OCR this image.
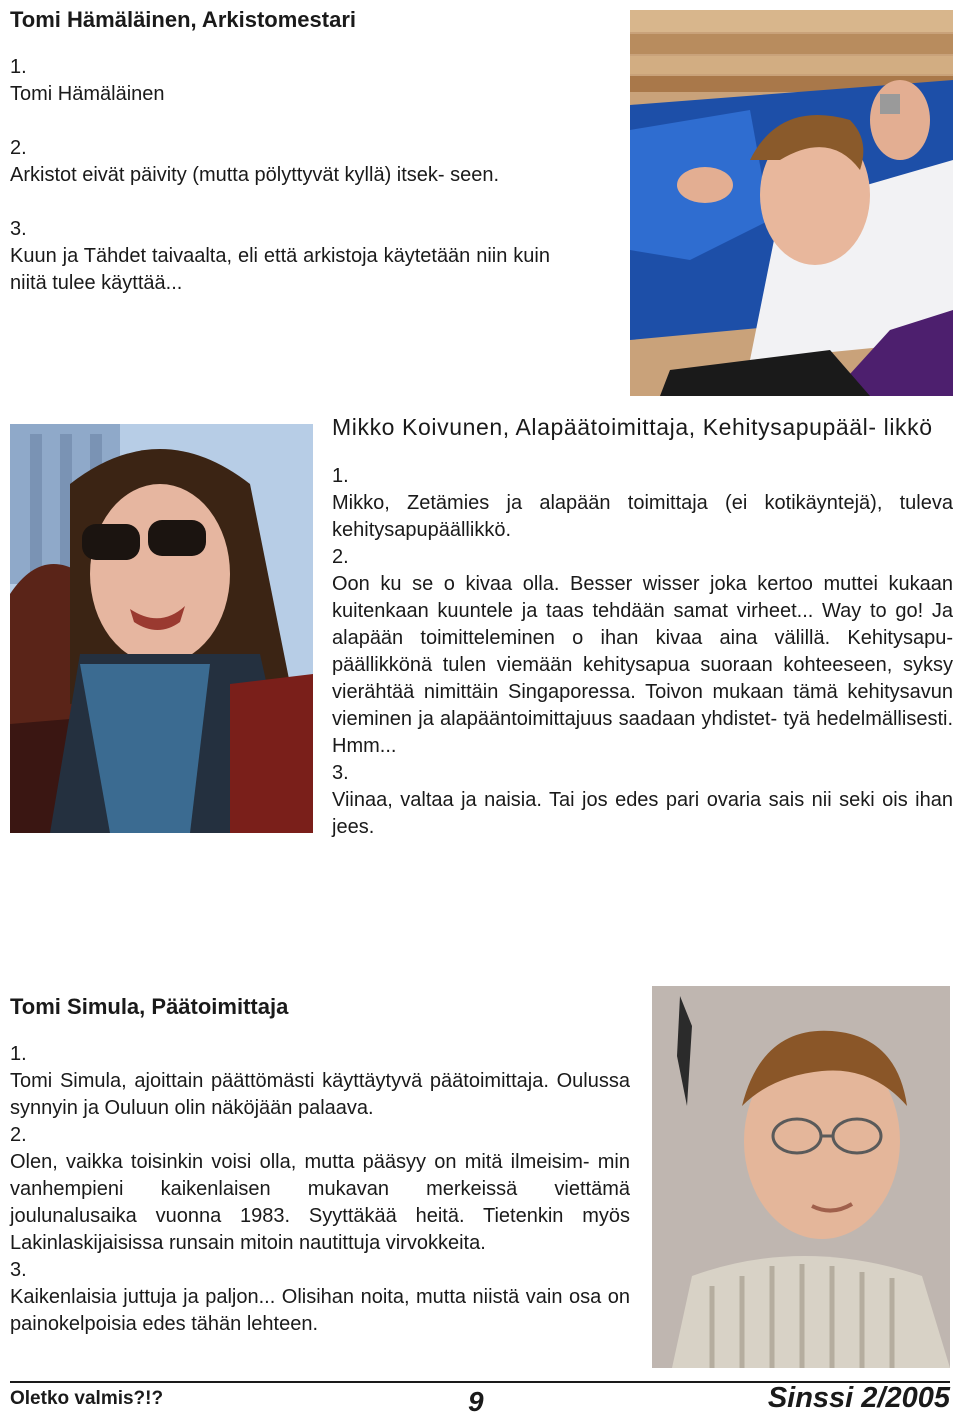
Tomi Hämäläinen, Arkistomestari
1.

Tomi Hämäläinen

2.

Arkistot eivät päivity (mutta pölyttyvät kyllä) itsek- seen.

3.

Kuun ja Tähdet taivaalta, eli että arkistoja käytetään niin kuin niitä tulee käyttää...

Mikko Koivunen, Alapäätoimittaja, Kehitysapupääl- likkö
1.

Mikko, Zetämies ja alapään toimittaja (ei kotikäyntejä), tuleva kehitysapupäällikkö.

2.

Oon ku se o kivaa olla. Besser wisser joka kertoo muttei kukaan kuitenkaan kuuntele ja taas tehdään samat virheet... Way to go! Ja alapään toimitteleminen o ihan kivaa aina välillä. Kehitysapu- päällikkönä tulen viemään kehitysapua suoraan kohteeseen, syksy vierähtää nimittäin Singaporessa. Toivon mukaan tämä kehitysavun vieminen ja alapääntoimittajuus saadaan yhdistet- tyä hedelmällisesti. Hmm...

3.

Viinaa, valtaa ja naisia. Tai jos edes pari ovaria sais nii seki ois ihan jees.

Tomi Simula, Päätoimittaja
1.

Tomi Simula, ajoittain päättömästi käyttäytyvä päätoimittaja. Oulussa synnyin ja Ouluun olin näköjään palaava.

2.

Olen, vaikka toisinkin voisi olla, mutta pääsyy on mitä ilmeisim- min vanhempieni kaikenlaisen mukavan merkeissä viettämä joulunalusaika vuonna 1983. Syyttäkää heitä. Tietenkin myös Lakinlaskijaisissa runsain mitoin nautittuja virvokkeita.

3.

Kaikenlaisia juttuja ja paljon... Olisihan noita, mutta niistä vain osa on painokelpoisia edes tähän lehteen.

Oletko valmis?!?	9	Sinssi 2/2005
